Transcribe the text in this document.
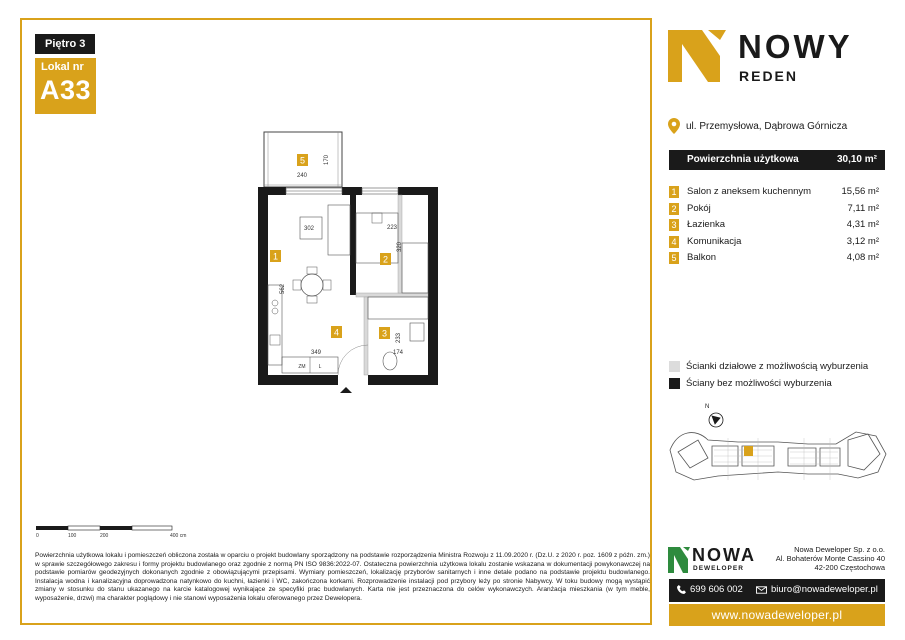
Piętro 3
Lokal nr
A33
5
1	2
3
4
240
170
302	223
320
562
349
233
174
ZM	L
NOWY
REDEN
ul. Przemysłowa, Dąbrowa Górnicza
Powierzchnia użytkowa	30,10 m²
1 Salon z aneksem kuchennym	15,56 m²
2 Pokój	7,11 m²
3 Łazienka	4,31 m²
4 Komunikacja	3,12 m²
5 Balkon	4,08 m²
Ścianki działowe z możliwością wyburzenia
Ściany bez możliwości wyburzenia
N
0	100	200	400 cm
Powierzchnia użytkowa lokalu i pomieszczeń obliczona została w oparciu o projekt budowlany sporządzony na podstawie rozporządzenia Ministra Rozwoju z 11.09.2020 r. (Dz.U. z 2020 r. poz. 1609 z późn. zm.) w sprawie szczegółowego zakresu i formy projektu budowlanego oraz zgodnie z normą PN ISO 9836:2022-07. Ostateczna powierzchnia użytkowa lokalu zostanie wskazana w dokumentacji powykonawczej na podstawie pomiarów geodezyjnych dokonanych zgodnie z obowiązującymi przepisami. Wymiary pomieszczeń, lokalizację przyborów sanitarnych i inne detale podano na podstawie projektu budowlanego. Instalacja wodna i kanalizacyjna doprowadzona natynkowo do kuchni, łazienki i WC, zakończona korkami. Rozprowadzenie instalacji pod przybory leży po stronie Nabywcy. W toku budowy mogą wystąpić zmiany w stosunku do stanu ukazanego na karcie katalogowej wynikające ze specyfiki prac budowlanych. Karta nie jest przeznaczona do celów wykonawczych. Aranżacja mieszkania (w tym meble, wyposażenie, drzwi) ma charakter poglądowy i nie stanowi wyposażenia lokalu oferowanego przez Dewelopera.
NOWA
DEWELOPER
Nowa Deweloper Sp. z o.o.
Al. Bohaterów Monte Cassino 40
42-200 Częstochowa
699 606 002	biuro@nowadeweloper.pl
www.nowadeweloper.pl
